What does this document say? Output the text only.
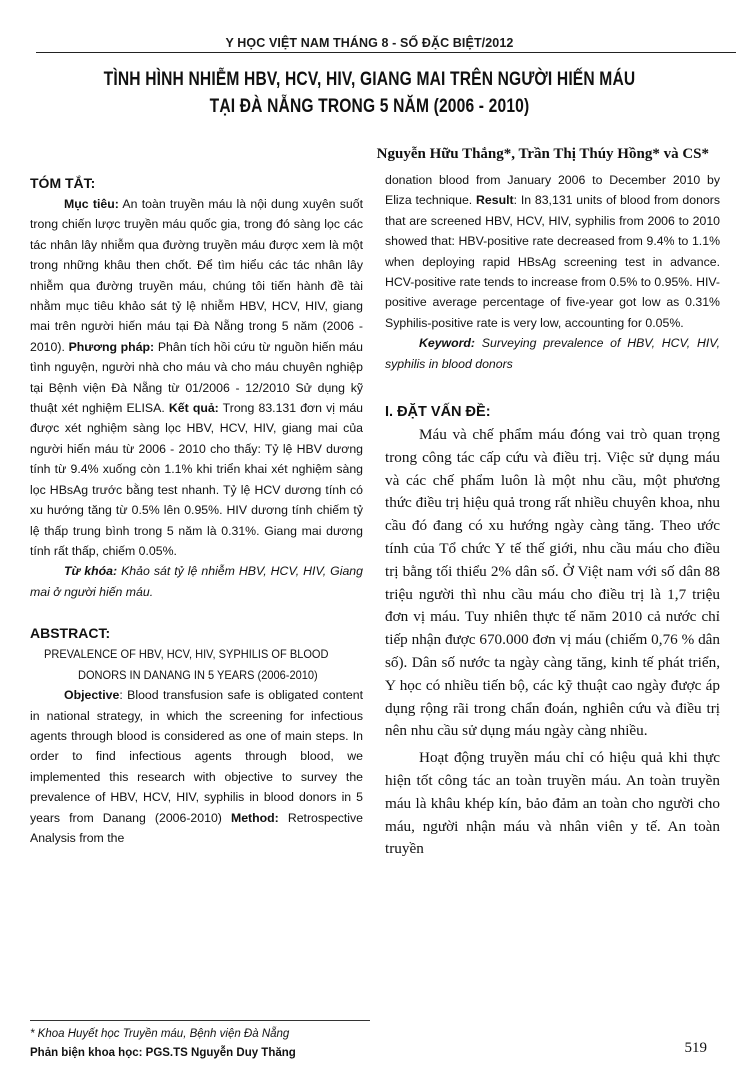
Y HỌC VIỆT NAM THÁNG 8 - SỐ ĐẶC BIỆT/2012
TÌNH HÌNH NHIỄM HBV, HCV, HIV, GIANG MAI TRÊN NGƯỜI HIẾN MÁU
TẠI ĐÀ NẴNG TRONG 5 NĂM (2006 - 2010)
Nguyễn Hữu Thắng*, Trần Thị Thúy Hồng* và CS*
TÓM TẮT:

Mục tiêu: An toàn truyền máu là nội dung xuyên suốt trong chiến lược truyền máu quốc gia, trong đó sàng lọc các tác nhân lây nhiễm qua đường truyền máu được xem là một trong những khâu then chốt. Để tìm hiểu các tác nhân lây nhiễm qua đường truyền máu, chúng tôi tiến hành đề tài nhằm mục tiêu khảo sát tỷ lệ nhiễm HBV, HCV, HIV, giang mai trên người hiến máu tại Đà Nẵng trong 5 năm (2006 - 2010). Phương pháp: Phân tích hồi cứu từ nguồn hiến máu tình nguyện, người nhà cho máu và cho máu chuyên nghiệp tại Bệnh viện Đà Nẵng từ 01/2006 - 12/2010 Sử dụng kỹ thuật xét nghiệm ELISA. Kết quả: Trong 83.131 đơn vị máu được xét nghiệm sàng lọc HBV, HCV, HIV, giang mai của người hiến máu từ 2006 - 2010 cho thấy: Tỷ lệ HBV dương tính từ 9.4% xuống còn 1.1% khi triển khai xét nghiệm sàng lọc HBsAg trước bằng test nhanh. Tỷ lệ HCV dương tính có xu hướng tăng từ 0.5% lên 0.95%. HIV dương tính chiếm tỷ lệ thấp trung bình trong 5 năm là 0.31%. Giang mai dương tính rất thấp, chiếm 0.05%.

Từ khóa: Khảo sát tỷ lệ nhiễm HBV, HCV, HIV, Giang mai ở người hiến máu.

ABSTRACT:
PREVALENCE OF HBV, HCV, HIV, SYPHILIS OF BLOOD
DONORS IN DANANG IN 5 YEARS (2006-2010)

Objective: Blood transfusion safe is obligated content in national strategy, in which the screening for infectious agents through blood is considered as one of main steps. In order to find infectious agents through blood, we implemented this research with objective to survey the prevalence of HBV, HCV, HIV, syphilis in blood donors in 5 years from Danang (2006-2010) Method: Retrospective Analysis from the

donation blood from January 2006 to December 2010 by Eliza technique. Result: In 83,131 units of blood from donors that are screened HBV, HCV, HIV, syphilis from 2006 to 2010 showed that: HBV-positive rate decreased from 9.4% to 1.1% when deploying rapid HBsAg screening test in advance. HCV-positive rate tends to increase from 0.5% to 0.95%. HIV-positive average percentage of five-year got low as 0.31% Syphilis-positive rate is very low, accounting for 0.05%.

Keyword: Surveying prevalence of HBV, HCV, HIV, syphilis in blood donors

I. ĐẶT VẤN ĐỀ:

Máu và chế phẩm máu đóng vai trò quan trọng trong công tác cấp cứu và điều trị. Việc sử dụng máu và các chế phẩm luôn là một nhu cầu, một phương thức điều trị hiệu quả trong rất nhiều chuyên khoa, nhu cầu đó đang có xu hướng ngày càng tăng. Theo ước tính của Tổ chức Y tế thế giới, nhu cầu máu cho điều trị bằng tối thiểu 2% dân số. Ở Việt nam với số dân 88 triệu người thì nhu cầu máu cho điều trị là 1,7 triệu đơn vị máu. Tuy nhiên thực tế năm 2010 cả nước chỉ tiếp nhận được 670.000 đơn vị máu (chiếm 0,76 % dân số). Dân số nước ta ngày càng tăng, kinh tế phát triển, Y học có nhiều tiến bộ, các kỹ thuật cao ngày được áp dụng rộng rãi trong chẩn đoán, nghiên cứu và điều trị nên nhu cầu sử dụng máu ngày càng nhiều.

Hoạt động truyền máu chỉ có hiệu quả khi thực hiện tốt công tác an toàn truyền máu. An toàn truyền máu là khâu khép kín, bảo đảm an toàn cho người cho máu, người nhận máu và nhân viên y tế. An toàn truyền

* Khoa Huyết học Truyền máu, Bệnh viện Đà Nẵng
Phản biện khoa học: PGS.TS Nguyễn Duy Thăng	519
